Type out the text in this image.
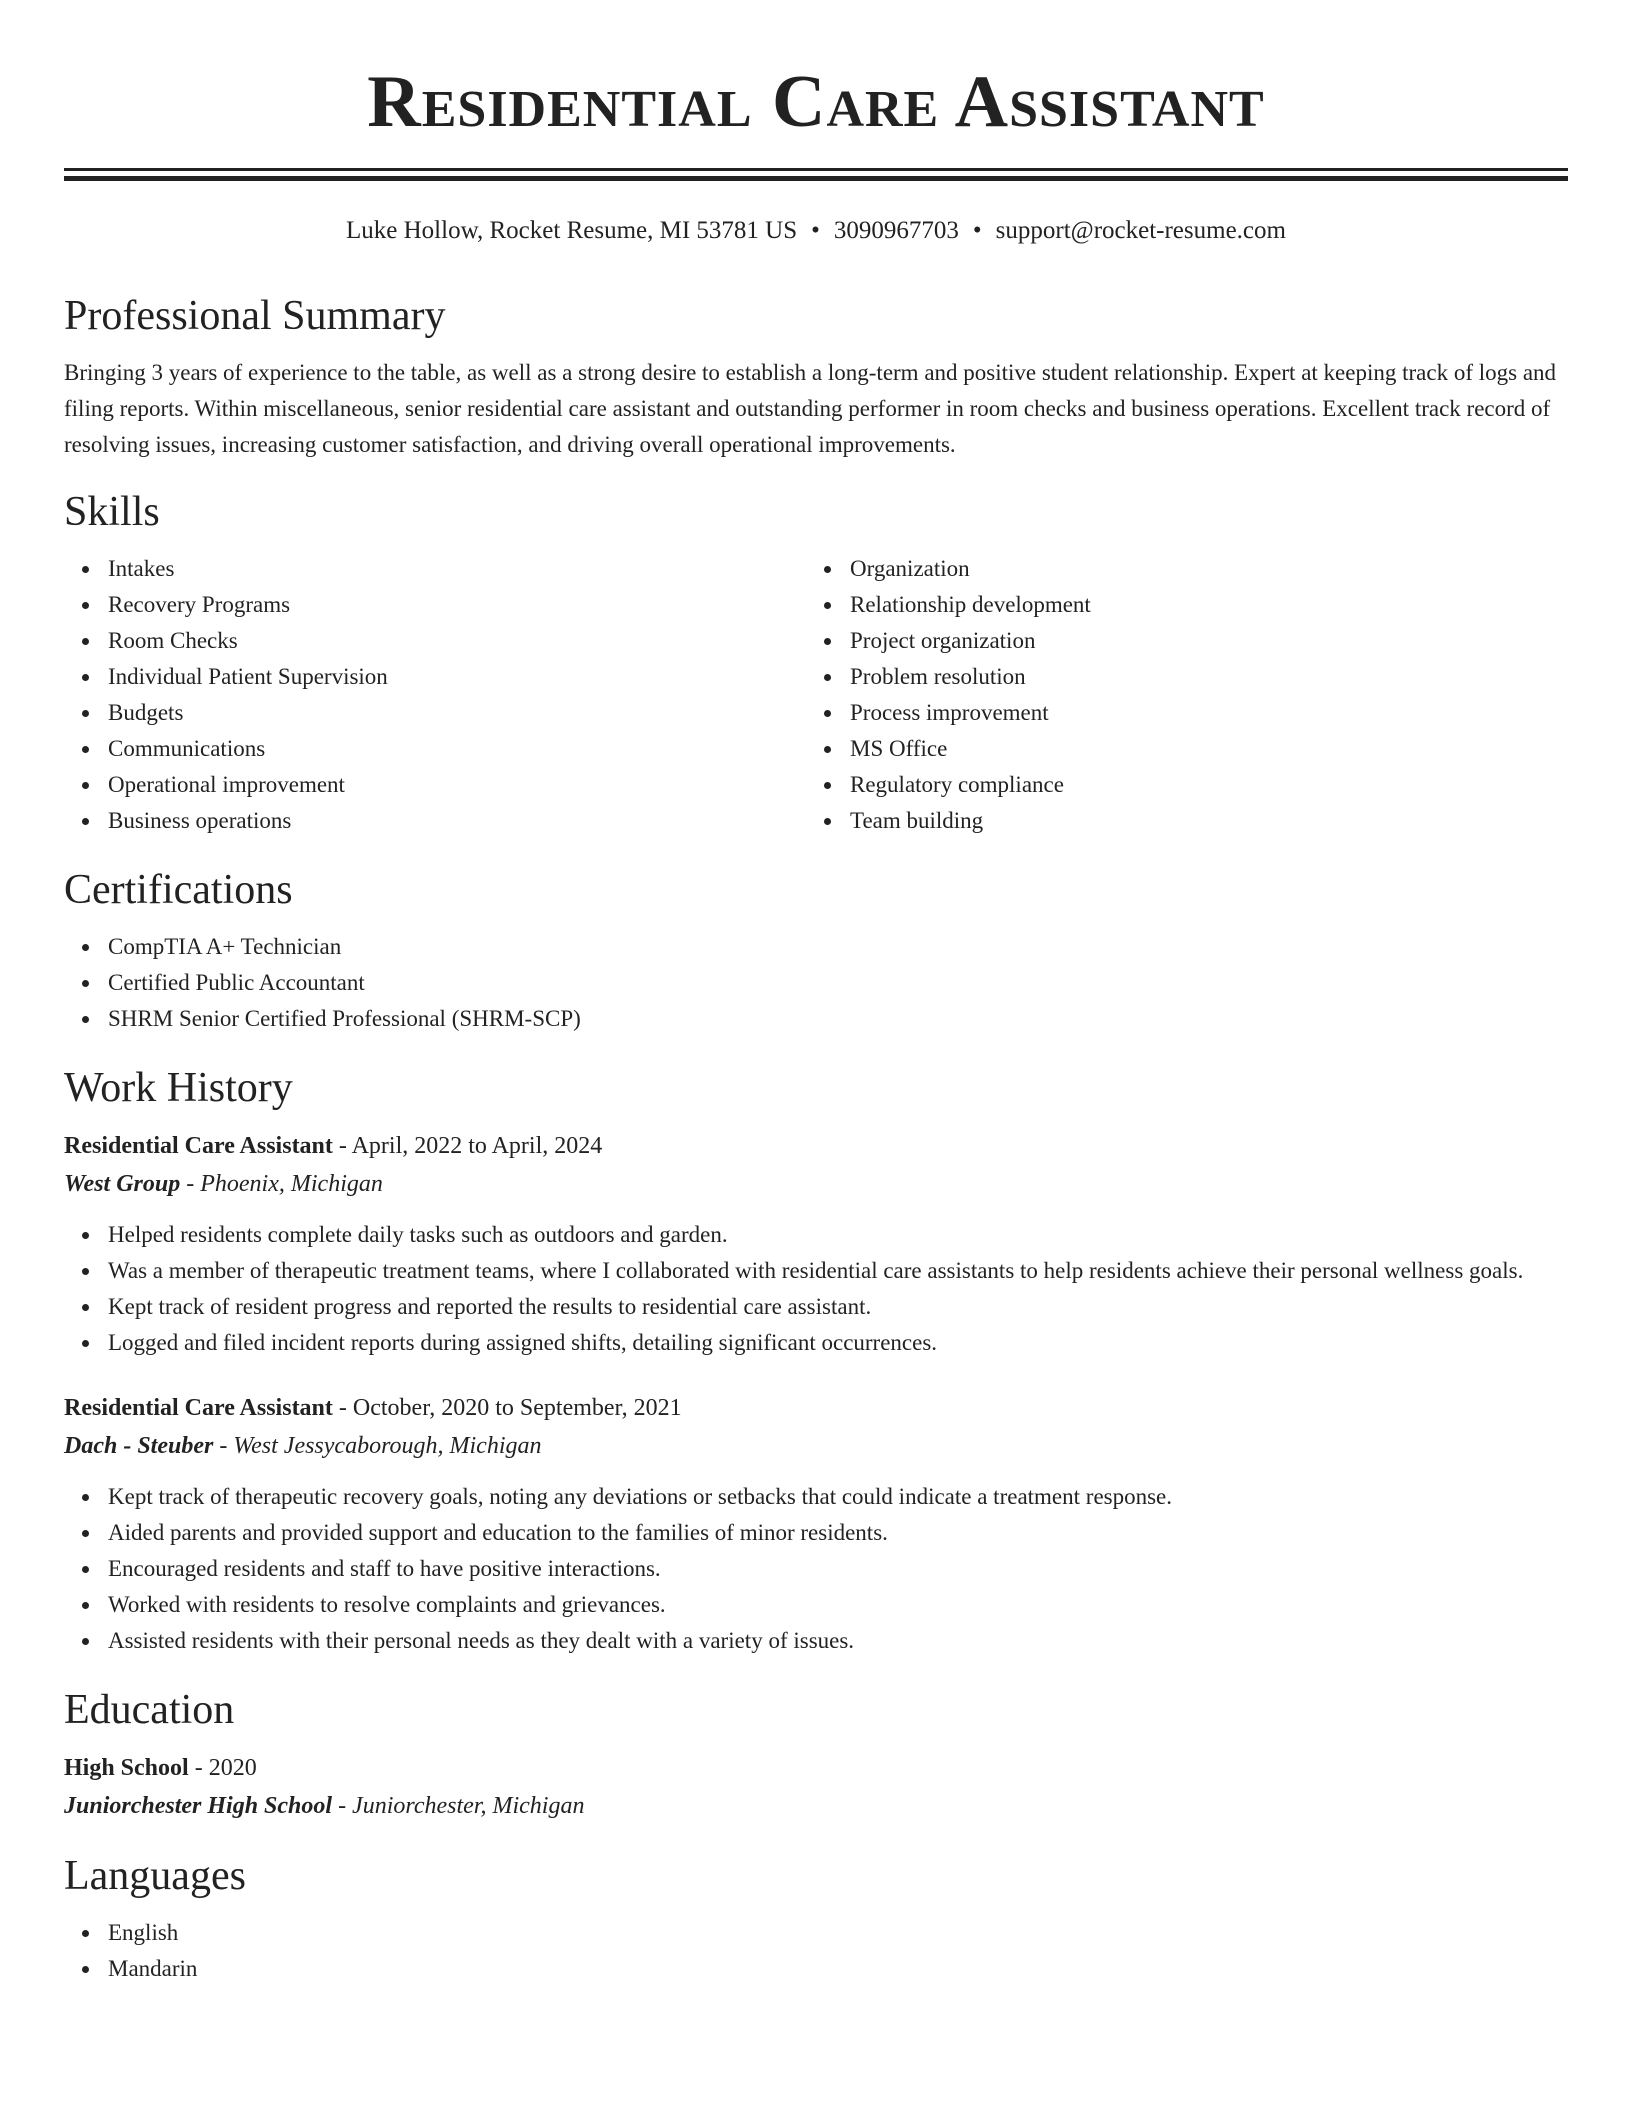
Residential Care Assistant
Luke Hollow, Rocket Resume, MI 53781 US • 3090967703 • support@rocket-resume.com
Professional Summary

Bringing 3 years of experience to the table, as well as a strong desire to establish a long-term and positive student relationship. Expert at keeping track of logs and filing reports. Within miscellaneous, senior residential care assistant and outstanding performer in room checks and business operations. Excellent track record of resolving issues, increasing customer satisfaction, and driving overall operational improvements.

Skills
Intakes
Recovery Programs
Room Checks
Individual Patient Supervision
Budgets
Communications
Operational improvement
Business operations
Organization
Relationship development
Project organization
Problem resolution
Process improvement
MS Office
Regulatory compliance
Team building
Certifications
CompTIA A+ Technician
Certified Public Accountant
SHRM Senior Certified Professional (SHRM-SCP)
Work History
Residential Care Assistant - April, 2022 to April, 2024
West Group - Phoenix, Michigan
Helped residents complete daily tasks such as outdoors and garden.
Was a member of therapeutic treatment teams, where I collaborated with residential care assistants to help residents achieve their personal wellness goals.
Kept track of resident progress and reported the results to residential care assistant.
Logged and filed incident reports during assigned shifts, detailing significant occurrences.
Residential Care Assistant - October, 2020 to September, 2021
Dach - Steuber - West Jessycaborough, Michigan
Kept track of therapeutic recovery goals, noting any deviations or setbacks that could indicate a treatment response.
Aided parents and provided support and education to the families of minor residents.
Encouraged residents and staff to have positive interactions.
Worked with residents to resolve complaints and grievances.
Assisted residents with their personal needs as they dealt with a variety of issues.
Education
High School - 2020
Juniorchester High School - Juniorchester, Michigan
Languages
English
Mandarin
